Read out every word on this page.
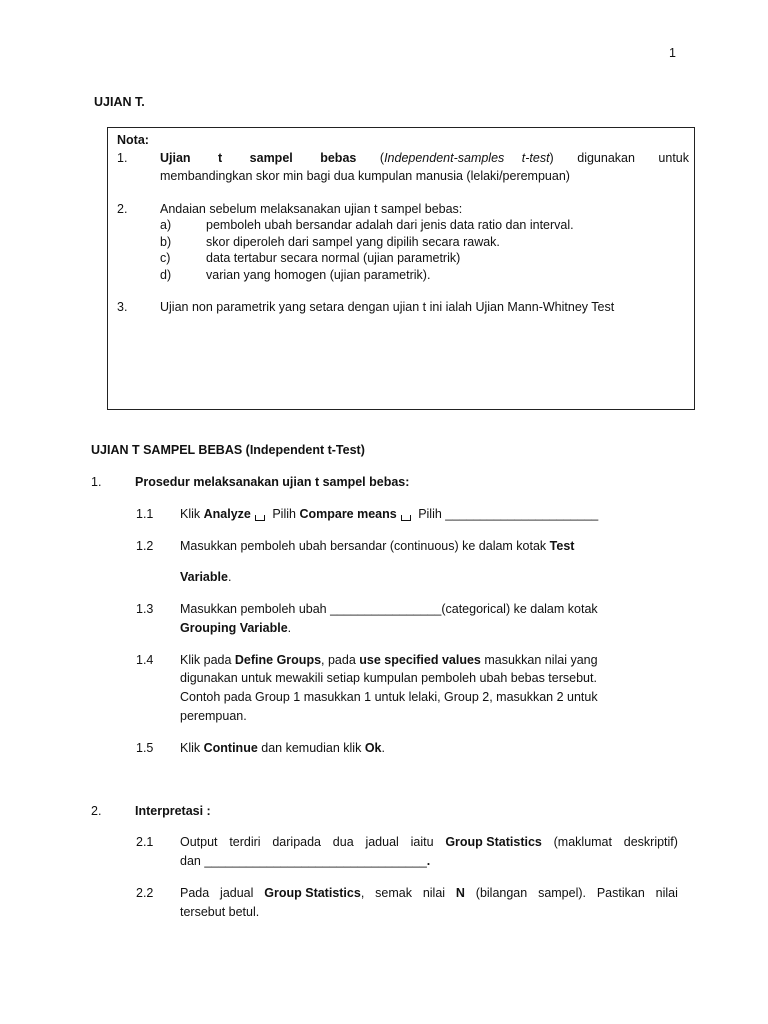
1
UJIAN T.
Nota:
1.	Ujian t sampel bebas (Independent-samples t-test) digunakan untuk
membandingkan skor min bagi dua kumpulan manusia (lelaki/perempuan)
2.	Andaian sebelum melaksanakan ujian t sampel bebas:
a)	pemboleh ubah bersandar adalah dari jenis data ratio dan interval.
b)	skor diperoleh dari sampel yang dipilih secara rawak.
c)	data tertabur secara normal (ujian parametrik)
d)	varian yang homogen (ujian parametrik).
3.	Ujian non parametrik yang setara dengan ujian t ini ialah Ujian Mann-Whitney Test
UJIAN T SAMPEL BEBAS (Independent t-Test)
1.	Prosedur melaksanakan ujian t sampel bebas:
1.1 Klik Analyze Pilih Compare means Pilih ______________________
1.2 Masukkan pemboleh ubah bersandar (continuous) ke dalam kotak Test
Variable.
1.3 Masukkan pemboleh ubah ________________(categorical) ke dalam kotak
Grouping Variable.
1.4 Klik pada Define Groups, pada use specified values masukkan nilai yang
digunakan untuk mewakili setiap kumpulan pemboleh ubah bebas tersebut.
Contoh pada Group 1 masukkan 1 untuk lelaki, Group 2, masukkan 2 untuk
perempuan.
1.5 Klik Continue dan kemudian klik Ok.
2.	Interpretasi :
2.1 Output terdiri daripada dua jadual iaitu Group Statistics (maklumat deskriptif)
dan ________________________________.
2.2 Pada jadual Group Statistics, semak nilai N (bilangan sampel). Pastikan nilai
tersebut betul.
